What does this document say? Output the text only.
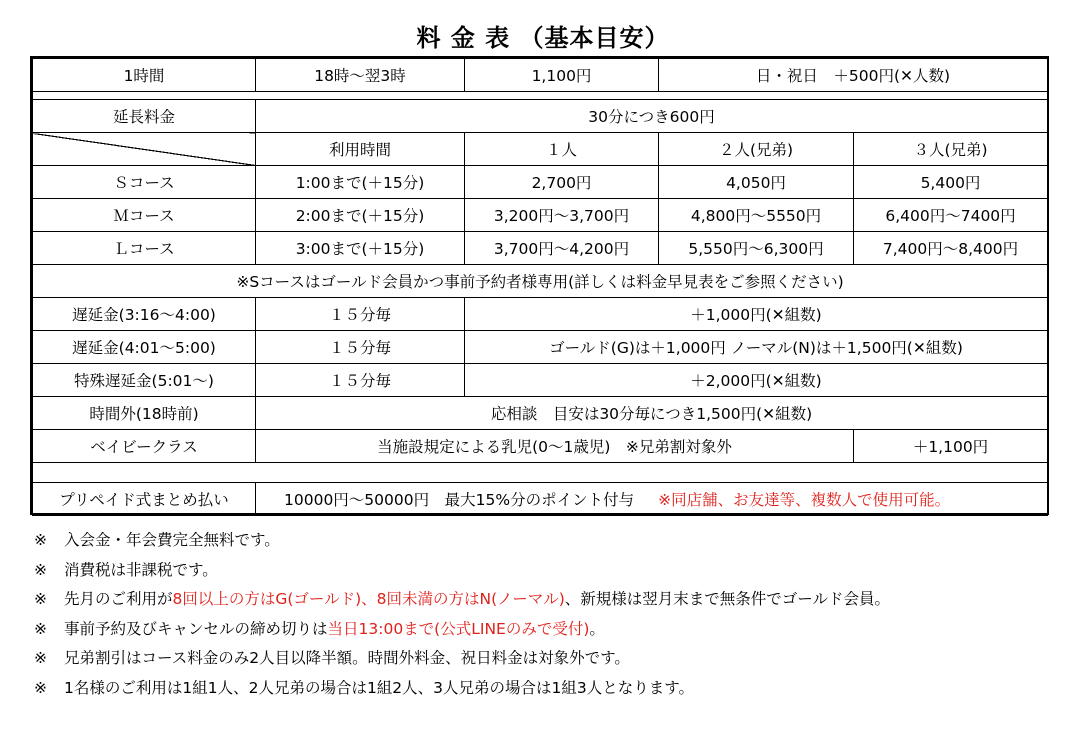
料 金 表 （基本目安）
1時間	18時～翌3時	1,100円	日・祝日　＋500円(✕人数)	

延長料金	30分につき600円			
	利用時間	１人	２人(兄弟)	３人(兄弟)
Ｓコース	1:00まで(＋15分)	2,700円	4,050円	5,400円
Ｍコース	2:00まで(＋15分)	3,200円～3,700円	4,800円～5550円	6,400円～7400円
Ｌコース	3:00まで(＋15分)	3,700円～4,200円	5,550円～6,300円	7,400円～8,400円
※Sコースはゴールド会員かつ事前予約者様専用(詳しくは料金早見表をご参照ください)				
遅延金(3:16～4:00)	１５分毎	＋1,000円(✕組数)		
遅延金(4:01～5:00)	１５分毎	ゴールド(G)は＋1,000円 ノーマル(N)は＋1,500円(✕組数)		
特殊遅延金(5:01～)	１５分毎	＋2,000円(✕組数)		
時間外(18時前)	応相談　目安は30分毎につき1,500円(✕組数)			
ベイビークラス	当施設規定による乳児(0～1歳児)　※兄弟割対象外			＋1,100円

プリペイド式まとめ払い	10000円～50000円　最大15%分のポイント付与 ※同店舗、お友達等、複数人で使用可能。			
※ 入会金・年会費完全無料です。
※ 消費税は非課税です。
※ 先月のご利用が8回以上の方はG(ゴールド)、8回未満の方はN(ノーマル)、新規様は翌月末まで無条件でゴールド会員。
※ 事前予約及びキャンセルの締め切りは当日13:00まで(公式LINEのみで受付)。
※ 兄弟割引はコース料金のみ2人目以降半額。時間外料金、祝日料金は対象外です。
※ 1名様のご利用は1組1人、2人兄弟の場合は1組2人、3人兄弟の場合は1組3人となります。
